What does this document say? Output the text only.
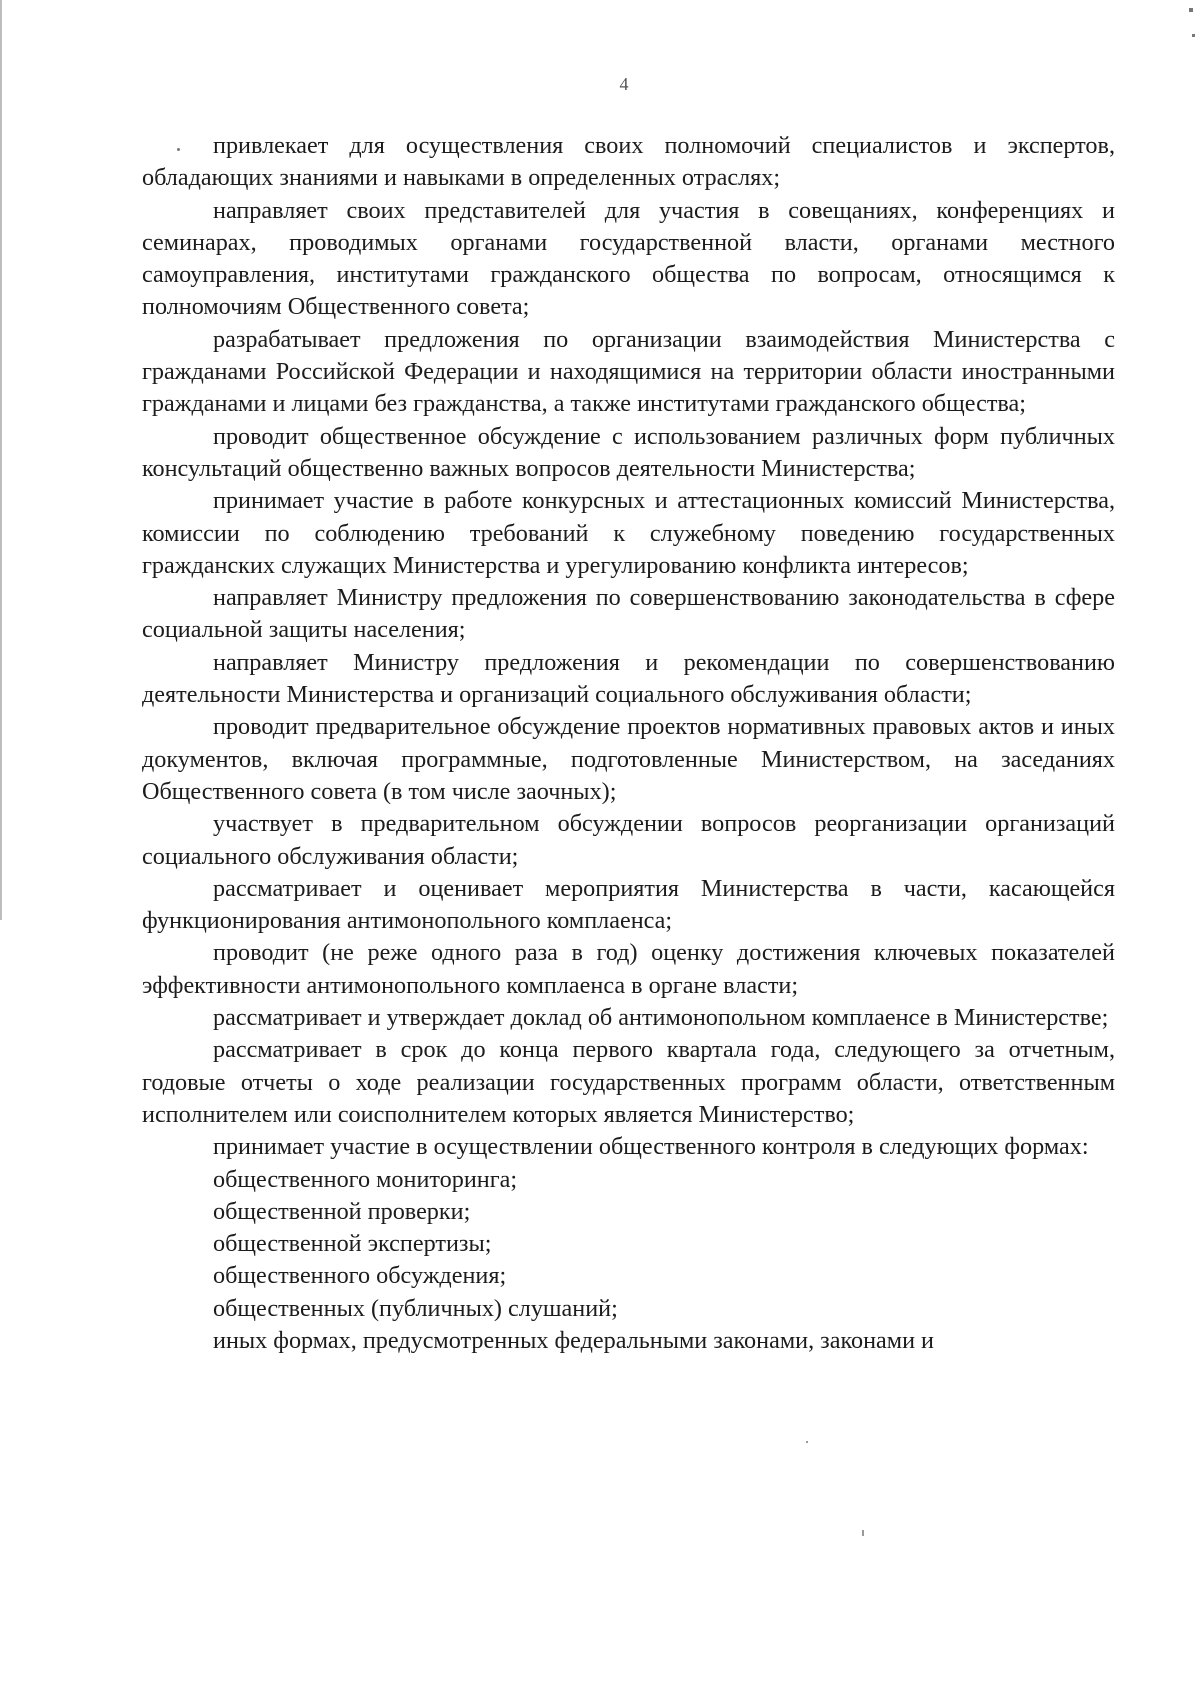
4

привлекает для осуществления своих полномочий специалистов и экспертов, обладающих знаниями и навыками в определенных отраслях;

направляет своих представителей для участия в совещаниях, конференциях и семинарах, проводимых органами государственной власти, органами местного самоуправления, институтами гражданского общества по вопросам, относящимся к полномочиям Общественного совета;

разрабатывает предложения по организации взаимодействия Министерства с гражданами Российской Федерации и находящимися на территории области иностранными гражданами и лицами без гражданства, а также институтами гражданского общества;

проводит общественное обсуждение с использованием различных форм публичных консультаций общественно важных вопросов деятельности Министерства;

принимает участие в работе конкурсных и аттестационных комиссий Министерства, комиссии по соблюдению требований к служебному поведению государственных гражданских служащих Министерства и урегулированию конфликта интересов;

направляет Министру предложения по совершенствованию законодательства в сфере социальной защиты населения;

направляет Министру предложения и рекомендации по совершенствованию деятельности Министерства и организаций социального обслуживания области;

проводит предварительное обсуждение проектов нормативных правовых актов и иных документов, включая программные, подготовленные Министерством, на заседаниях Общественного совета (в том числе заочных);

участвует в предварительном обсуждении вопросов реорганизации организаций социального обслуживания области;

рассматривает и оценивает мероприятия Министерства в части, касающейся функционирования антимонопольного комплаенса;

проводит (не реже одного раза в год) оценку достижения ключевых показателей эффективности антимонопольного комплаенса в органе власти;

рассматривает и утверждает доклад об антимонопольном комплаенсе в Министерстве;

рассматривает в срок до конца первого квартала года, следующего за отчетным, годовые отчеты о ходе реализации государственных программ области, ответственным исполнителем или соисполнителем которых является Министерство;

принимает участие в осуществлении общественного контроля в следующих формах:

общественного мониторинга;

общественной проверки;

общественной экспертизы;

общественного обсуждения;

общественных (публичных) слушаний;

иных формах, предусмотренных федеральными законами, законами и
